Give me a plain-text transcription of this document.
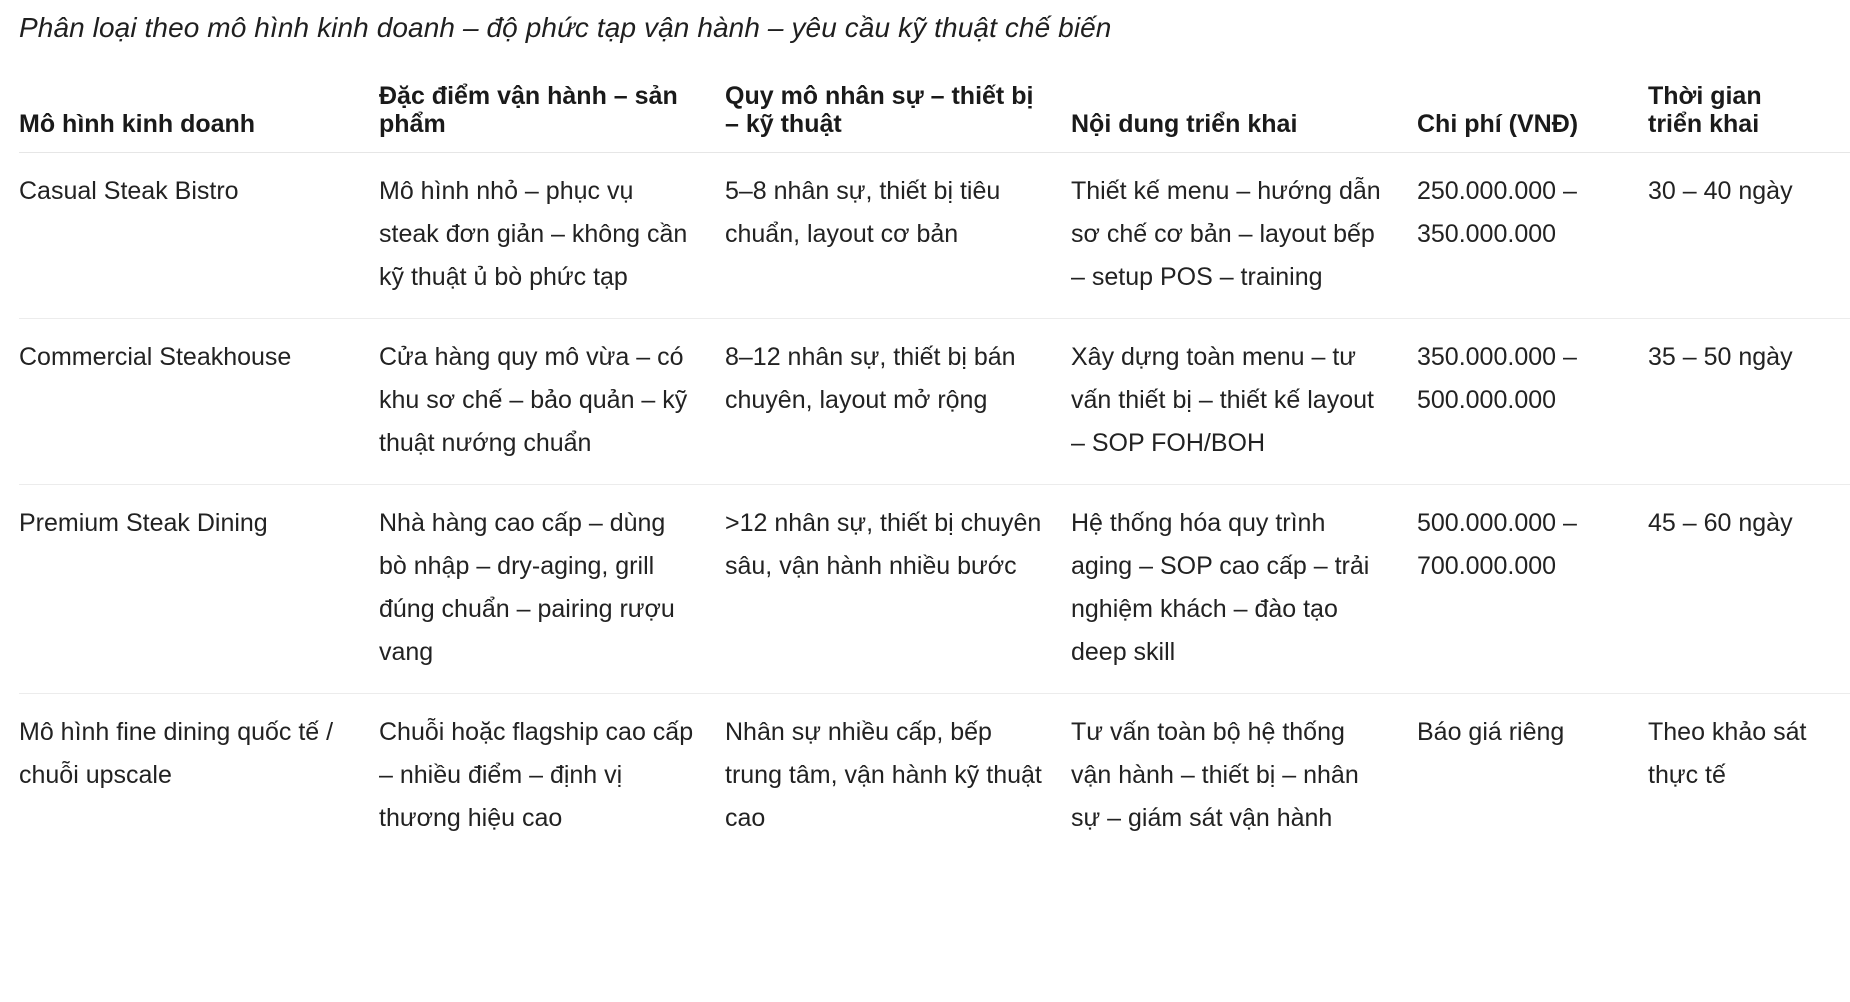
Phân loại theo mô hình kinh doanh – độ phức tạp vận hành – yêu cầu kỹ thuật chế biến
Mô hình kinh doanh	Đặc điểm vận hành – sản phẩm	Quy mô nhân sự – thiết bị – kỹ thuật	Nội dung triển khai	Chi phí (VNĐ)	Thời gian triển khai
Casual Steak Bistro	Mô hình nhỏ – phục vụ steak đơn giản – không cần kỹ thuật ủ bò phức tạp	5–8 nhân sự, thiết bị tiêu chuẩn, layout cơ bản	Thiết kế menu – hướng dẫn sơ chế cơ bản – layout bếp – setup POS – training	250.000.000 – 350.000.000	30 – 40 ngày
Commercial Steakhouse	Cửa hàng quy mô vừa – có khu sơ chế – bảo quản – kỹ thuật nướng chuẩn	8–12 nhân sự, thiết bị bán chuyên, layout mở rộng	Xây dựng toàn menu – tư vấn thiết bị – thiết kế layout – SOP FOH/BOH	350.000.000 – 500.000.000	35 – 50 ngày
Premium Steak Dining	Nhà hàng cao cấp – dùng bò nhập – dry-aging, grill đúng chuẩn – pairing rượu vang	>12 nhân sự, thiết bị chuyên sâu, vận hành nhiều bước	Hệ thống hóa quy trình aging – SOP cao cấp – trải nghiệm khách – đào tạo deep skill	500.000.000 – 700.000.000	45 – 60 ngày
Mô hình fine dining quốc tế / chuỗi upscale	Chuỗi hoặc flagship cao cấp – nhiều điểm – định vị thương hiệu cao	Nhân sự nhiều cấp, bếp trung tâm, vận hành kỹ thuật cao	Tư vấn toàn bộ hệ thống vận hành – thiết bị – nhân sự – giám sát vận hành	Báo giá riêng	Theo khảo sát thực tế
